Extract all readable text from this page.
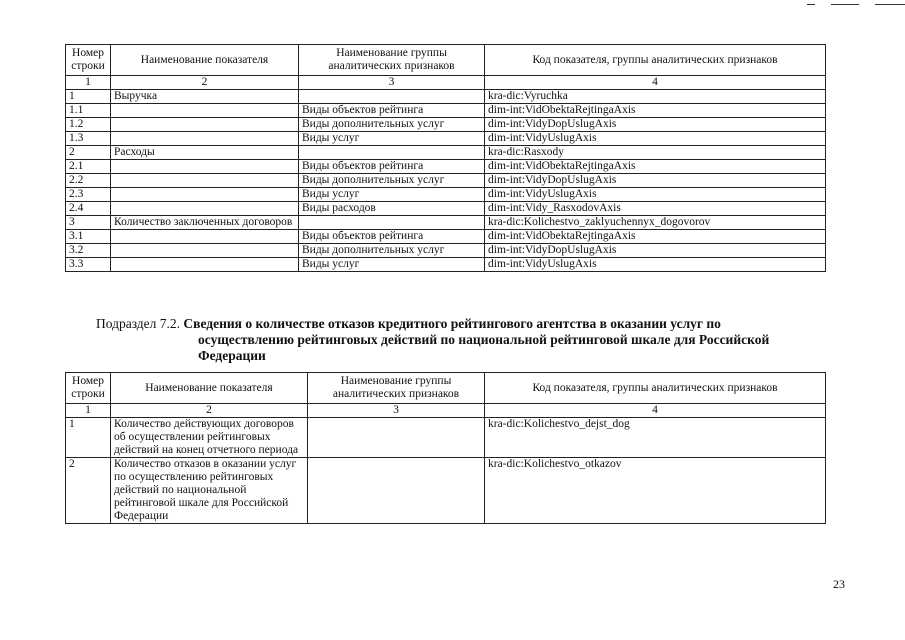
Номер строки	Наименование показателя	Наименование группы аналитических признаков	Код показателя, группы аналитических признаков
1	2	3	4
1	Выручка		kra-dic:Vyruchka
1.1		Виды объектов рейтинга	dim-int:VidObektaRejtingaAxis
1.2		Виды дополнительных услуг	dim-int:VidyDopUslugAxis
1.3		Виды услуг	dim-int:VidyUslugAxis
2	Расходы		kra-dic:Rasxody
2.1		Виды объектов рейтинга	dim-int:VidObektaRejtingaAxis
2.2		Виды дополнительных услуг	dim-int:VidyDopUslugAxis
2.3		Виды услуг	dim-int:VidyUslugAxis
2.4		Виды расходов	dim-int:Vidy_RasxodovAxis
3	Количество заключенных договоров		kra-dic:Kolichestvo_zaklyuchennyx_dogovorov
3.1		Виды объектов рейтинга	dim-int:VidObektaRejtingaAxis
3.2		Виды дополнительных услуг	dim-int:VidyDopUslugAxis
3.3		Виды услуг	dim-int:VidyUslugAxis
Подраздел 7.2. Сведения о количестве отказов кредитного рейтингового агентства в оказании услуг по
осуществлению рейтинговых действий по национальной рейтинговой шкале для Российской
Федерации
Номер строки	Наименование показателя	Наименование группы аналитических признаков	Код показателя, группы аналитических признаков
1	2	3	4
1	Количество действующих договоров об осуществлении рейтинговых действий на конец отчетного периода		kra-dic:Kolichestvo_dejst_dog
2	Количество отказов в оказании услуг по осуществлению рейтинговых действий по национальной рейтинговой шкале для Российской Федерации		kra-dic:Kolichestvo_otkazov
23
